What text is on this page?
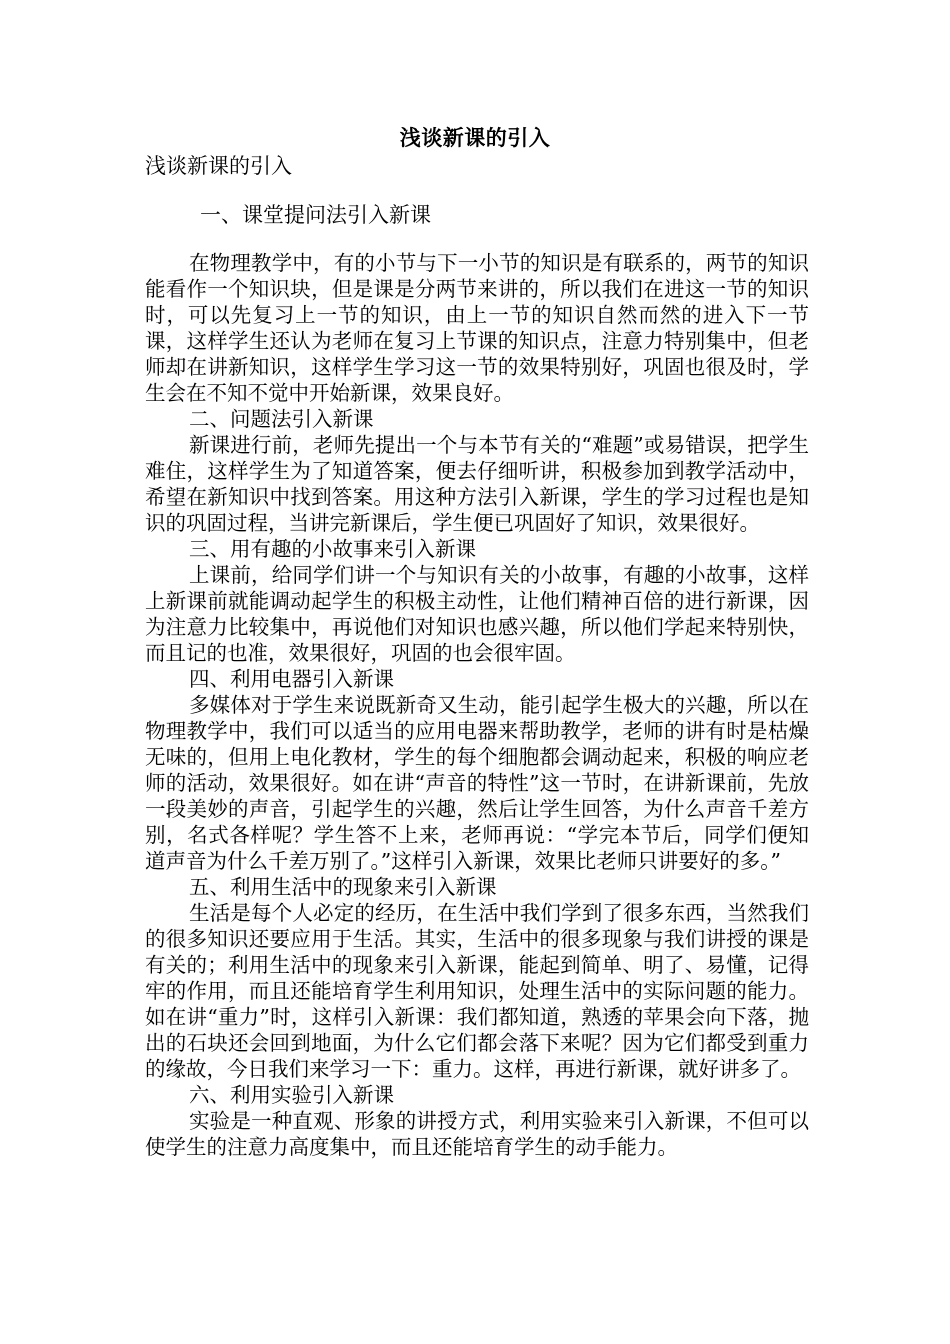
浅谈新课的引入
浅谈新课的引入
一、课堂提问法引入新课

在物理教学中，有的小节与下一小节的知识是有联系的，两节的知识能看作一个知识块，但是课是分两节来讲的，所以我们在进这一节的知识时，可以先复习上一节的知识，由上一节的知识自然而然的进入下一节课，这样学生还认为老师在复习上节课的知识点，注意力特别集中，但老师却在讲新知识，这样学生学习这一节的效果特别好，巩固也很及时，学生会在不知不觉中开始新课，效果良好。

二、问题法引入新课

新课进行前，老师先提出一个与本节有关的“难题”或易错误，把学生难住，这样学生为了知道答案，便去仔细听讲，积极参加到教学活动中，希望在新知识中找到答案。用这种方法引入新课，学生的学习过程也是知识的巩固过程，当讲完新课后，学生便已巩固好了知识，效果很好。

三、用有趣的小故事来引入新课

上课前，给同学们讲一个与知识有关的小故事，有趣的小故事，这样上新课前就能调动起学生的积极主动性，让他们精神百倍的进行新课，因为注意力比较集中，再说他们对知识也感兴趣，所以他们学起来特别快，而且记的也准，效果很好，巩固的也会很牢固。

四、利用电器引入新课

多媒体对于学生来说既新奇又生动，能引起学生极大的兴趣，所以在物理教学中，我们可以适当的应用电器来帮助教学，老师的讲有时是枯燥无味的，但用上电化教材，学生的每个细胞都会调动起来，积极的响应老师的活动，效果很好。如在讲“声音的特性”这一节时，在讲新课前，先放一段美妙的声音，引起学生的兴趣，然后让学生回答，为什么声音千差方别，名式各样呢？学生答不上来，老师再说：“学完本节后，同学们便知道声音为什么千差万别了。”这样引入新课，效果比老师只讲要好的多。”

五、利用生活中的现象来引入新课

生活是每个人必定的经历，在生活中我们学到了很多东西，当然我们的很多知识还要应用于生活。其实，生活中的很多现象与我们讲授的课是有关的；利用生活中的现象来引入新课，能起到简单、明了、易懂，记得牢的作用，而且还能培育学生利用知识，处理生活中的实际问题的能力。如在讲“重力”时，这样引入新课：我们都知道，熟透的苹果会向下落，抛出的石块还会回到地面，为什么它们都会落下来呢？因为它们都受到重力的缘故，今日我们来学习一下：重力。这样，再进行新课，就好讲多了。

六、利用实验引入新课

实验是一种直观、形象的讲授方式，利用实验来引入新课，不但可以使学生的注意力高度集中，而且还能培育学生的动手能力。
